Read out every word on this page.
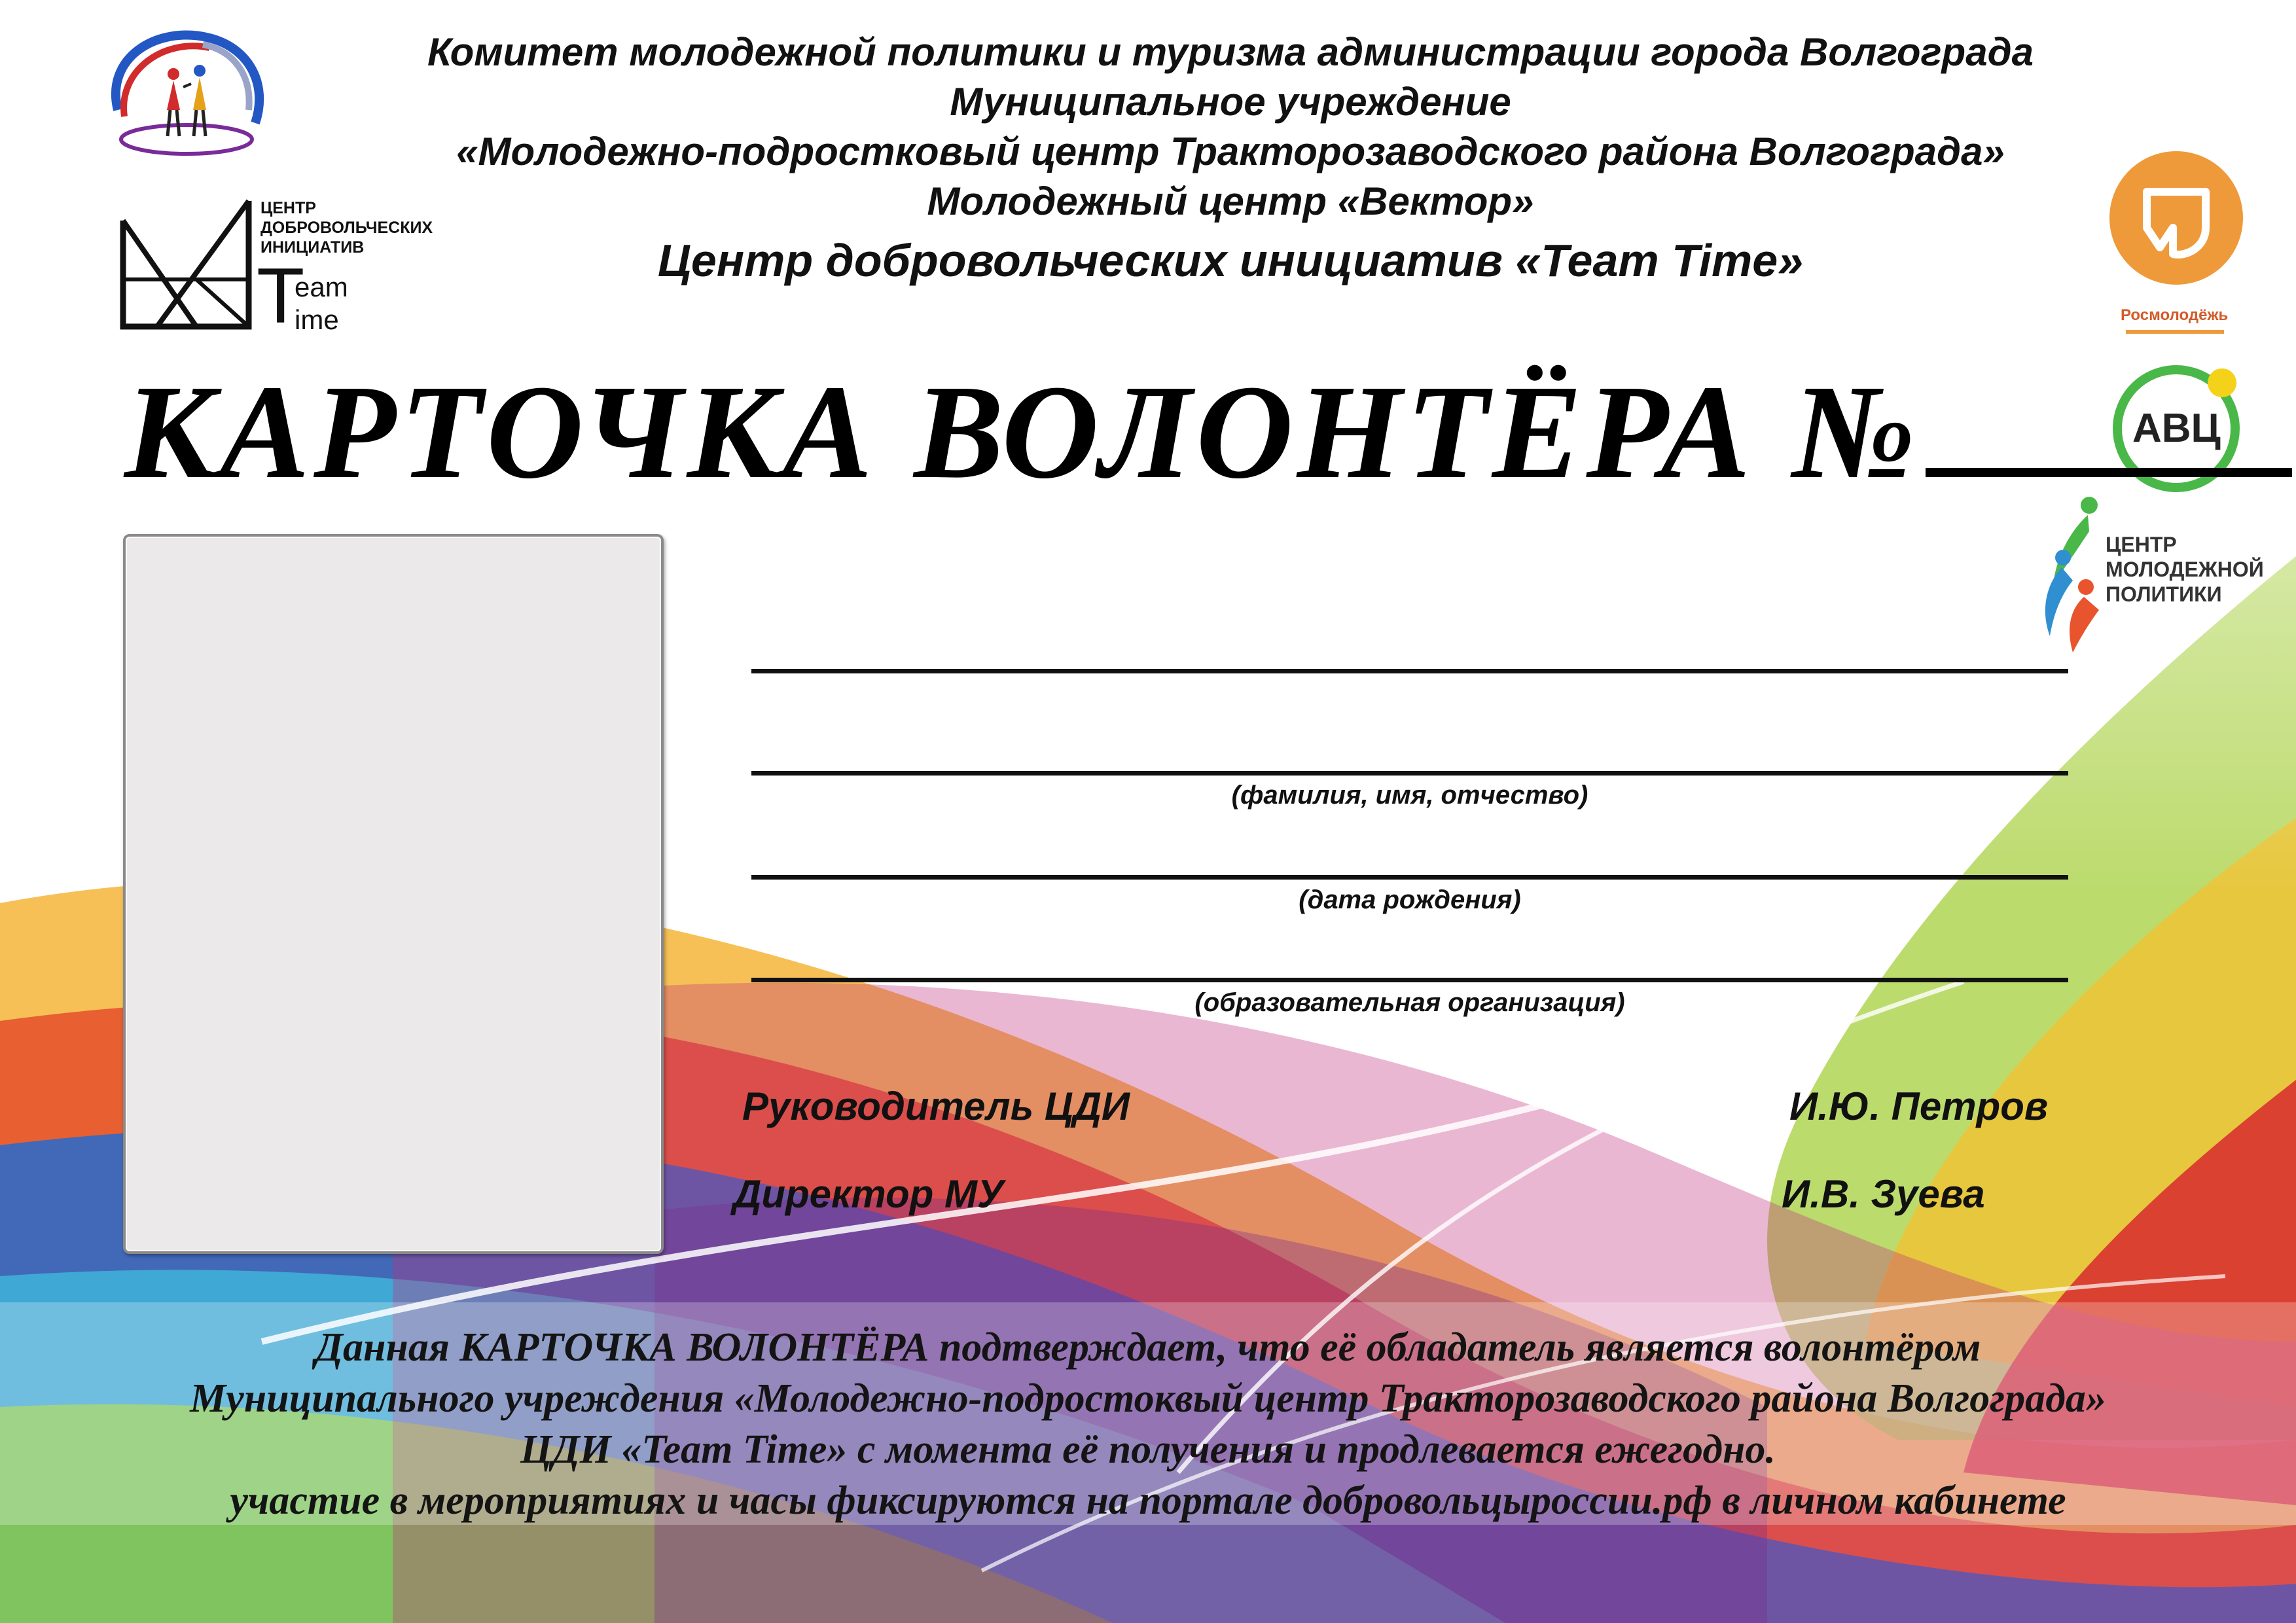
ЦЕНТР
ДОБРОВОЛЬЧЕСКИХ
ИНИЦИАТИВ
T
eam
ime
Комитет молодежной политики и туризма администрации города Волгограда
Муниципальное учреждение
«Молодежно-подростковый центр Тракторозаводского района Волгограда»
Молодежный центр «Вектор»
Центр добровольческих инициатив «Team Time»
Росмолодёжь
АВЦ
ЦЕНТР
МОЛОДЕЖНОЙ
ПОЛИТИКИ
КАРТОЧКА ВОЛОНТЁРА №
(фамилия, имя, отчество)
(дата рождения)
(образовательная организация)
Руководитель ЦДИ	И.Ю. Петров
Директор МУ	И.В. Зуева
Данная КАРТОЧКА ВОЛОНТЁРА подтверждает, что её обладатель является волонтёром
Муниципального учреждения «Молодежно-подростоквый центр Тракторозаводского района Волгограда»
ЦДИ «Team Time» с момента её получения и продлевается ежегодно.
участие в мероприятиях и часы фиксируются на портале добровольцыроссии.рф в личном кабинете
